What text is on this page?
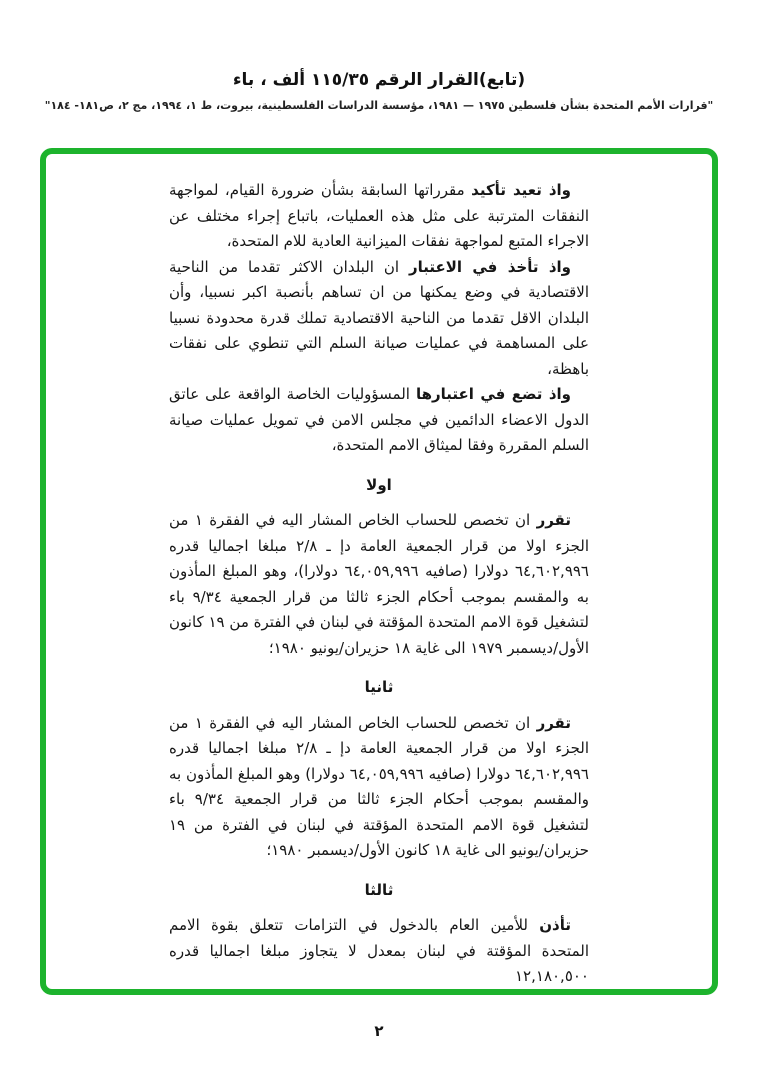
(تابع)القرار الرقم ١١٥/٣٥ ألف ، باء

"قرارات الأمم المتحدة بشأن فلسطين ١٩٧٥ — ١٩٨١، مؤسسة الدراسات الفلسطينية، بيروت، ط ١، ١٩٩٤، مج ٢، ص١٨١- ١٨٤"

واذ تعيد تأكيد مقرراتها السابقة بشأن ضرورة القيام، لمواجهة النفقات المترتبة على مثل هذه العمليات، باتباع إجراء مختلف عن الاجراء المتبع لمواجهة نفقات الميزانية العادية للام المتحدة،

واذ تأخذ في الاعتبار ان البلدان الاكثر تقدما من الناحية الاقتصادية في وضع يمكنها من ان تساهم بأنصبة اكبر نسبيا، وأن البلدان الاقل تقدما من الناحية الاقتصادية تملك قدرة محدودة نسبيا على المساهمة في عمليات صيانة السلم التي تنطوي على نفقات باهظة،

واذ تضع في اعتبارها المسؤوليات الخاصة الواقعة على عاتق الدول الاعضاء الدائمين في مجلس الامن في تمويل عمليات صيانة السلم المقررة وفقا لميثاق الامم المتحدة،

اولا

تقرر ان تخصص للحساب الخاص المشار اليه في الفقرة ١ من الجزء اولا من قرار الجمعية العامة دإ ـ ٢/٨ مبلغا اجماليا قدره ٦٤,٦٠٢,٩٩٦ دولارا (صافيه ٦٤,٠٥٩,٩٩٦ دولارا)، وهو المبلغ المأذون به والمقسم بموجب أحكام الجزء ثالثا من قرار الجمعية ٩/٣٤ باء لتشغيل قوة الامم المتحدة المؤقتة في لبنان في الفترة من ١٩ كانون الأول/ديسمبر ١٩٧٩ الى غاية ١٨ حزيران/يونيو ١٩٨٠؛

ثانيا

تقرر ان تخصص للحساب الخاص المشار اليه في الفقرة ١ من الجزء اولا من قرار الجمعية العامة دإ ـ ٢/٨ مبلغا اجماليا قدره ٦٤,٦٠٢,٩٩٦ دولارا (صافيه ٦٤,٠٥٩,٩٩٦ دولارا) وهو المبلغ المأذون به والمقسم بموجب أحكام الجزء ثالثا من قرار الجمعية ٩/٣٤ باء لتشغيل قوة الامم المتحدة المؤقتة في لبنان في الفترة من ١٩ حزيران/يونيو الى غاية ١٨ كانون الأول/ديسمبر ١٩٨٠؛

ثالثا

تأذن للأمين العام بالدخول في التزامات تتعلق بقوة الامم المتحدة المؤقتة في لبنان بمعدل لا يتجاوز مبلغا اجماليا قدره ١٢,١٨٠,٥٠٠

٢
